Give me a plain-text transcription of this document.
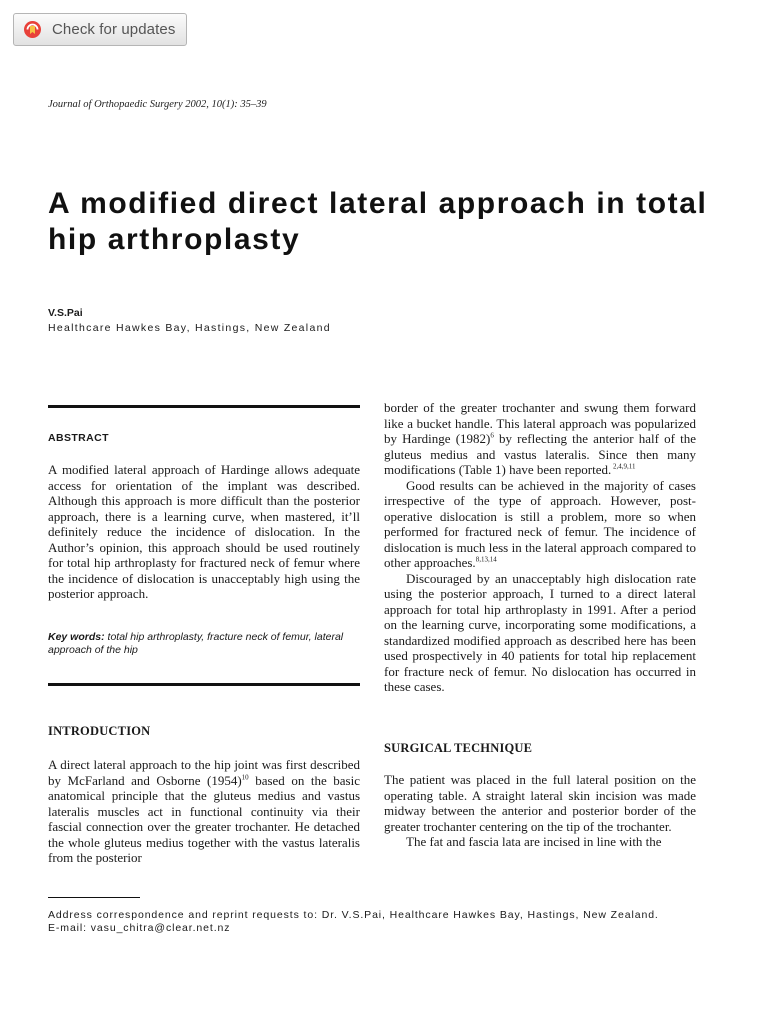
Check for updates
Journal of Orthopaedic Surgery 2002, 10(1): 35–39
A modified direct lateral approach in total hip arthroplasty
V.S.Pai
Healthcare Hawkes Bay, Hastings, New Zealand
ABSTRACT

A modified lateral approach of Hardinge allows adequate access for orientation of the implant was described. Although this approach is more difficult than the posterior approach, there is a learning curve, when mastered, it’ll definitely reduce the incidence of dislocation. In the Author’s opinion, this approach should be used routinely for total hip arthroplasty for fractured neck of femur where the incidence of dislocation is unacceptably high using the posterior approach.

Key words: total hip arthroplasty, fracture neck of femur, lateral approach of the hip
INTRODUCTION

A direct lateral approach to the hip joint was first described by McFarland and Osborne $(1954)^{10}$ based on the basic anatomical principle that the gluteus medius and vastus lateralis muscles act in functional continuity via their fascial connection over the greater trochanter. He detached the whole gluteus medius together with the vastus lateralis from the posterior

border of the greater trochanter and swung them forward like a bucket handle. This lateral approach was popularized by Hardinge $(1982)^6$ by reflecting the anterior half of the gluteus medius and vastus lateralis. Since then many modifications (Table 1) have been reported. $^{2,4,9,11}$

Good results can be achieved in the majority of cases irrespective of the type of approach. However, post-operative dislocation is still a problem, more so when performed for fractured neck of femur. The incidence of dislocation is much less in the lateral approach compared to other approaches.$^{8,13,14}$

Discouraged by an unacceptably high dislocation rate using the posterior approach, I turned to a direct lateral approach for total hip arthroplasty in 1991. After a period on the learning curve, incorporating some modifications, a standardized modified approach as described here has been used prospectively in 40 patients for total hip replacement for fracture neck of femur. No dislocation has occurred in these cases.

SURGICAL TECHNIQUE

The patient was placed in the full lateral position on the operating table. A straight lateral skin incision was made midway between the anterior and posterior border of the greater trochanter centering on the tip of the trochanter.

The fat and fascia lata are incised in line with the

Address correspondence and reprint requests to: Dr. V.S.Pai, Healthcare Hawkes Bay, Hastings, New Zealand.
E-mail: vasu_chitra@clear.net.nz
